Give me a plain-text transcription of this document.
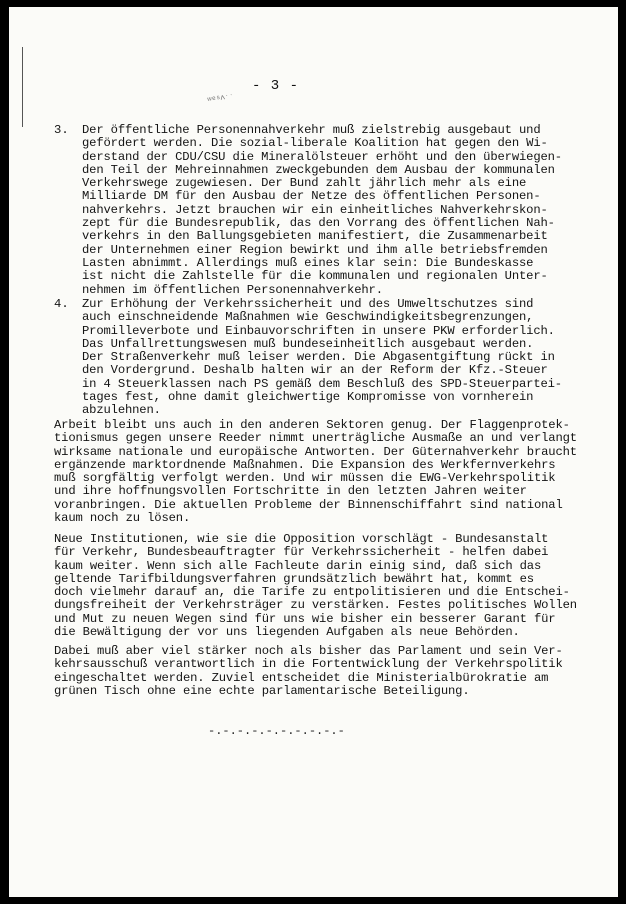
ʷᵉˢ˄ˑˑ
- 3 -
3. Der öffentliche Personennahverkehr muß zielstrebig ausgebaut und
gefördert werden. Die sozial-liberale Koalition hat gegen den Wi-
derstand der CDU/CSU die Mineralölsteuer erhöht und den überwiegen-
den Teil der Mehreinnahmen zweckgebunden dem Ausbau der kommunalen
Verkehrswege zugewiesen. Der Bund zahlt jährlich mehr als eine
Milliarde DM für den Ausbau der Netze des öffentlichen Personen-
nahverkehrs. Jetzt brauchen wir ein einheitliches Nahverkehrskon-
zept für die Bundesrepublik, das den Vorrang des öffentlichen Nah-
verkehrs in den Ballungsgebieten manifestiert, die Zusammenarbeit
der Unternehmen einer Region bewirkt und ihm alle betriebsfremden
Lasten abnimmt. Allerdings muß eines klar sein: Die Bundeskasse
ist nicht die Zahlstelle für die kommunalen und regionalen Unter-
nehmen im öffentlichen Personennahverkehr.
4. Zur Erhöhung der Verkehrssicherheit und des Umweltschutzes sind
auch einschneidende Maßnahmen wie Geschwindigkeitsbegrenzungen,
Promilleverbote und Einbauvorschriften in unsere PKW erforderlich.
Das Unfallrettungswesen muß bundeseinheitlich ausgebaut werden.
Der Straßenverkehr muß leiser werden. Die Abgasentgiftung rückt in
den Vordergrund. Deshalb halten wir an der Reform der Kfz.-Steuer
in 4 Steuerklassen nach PS gemäß dem Beschluß des SPD-Steuerpartei-
tages fest, ohne damit gleichwertige Kompromisse von vornherein
abzulehnen.
Arbeit bleibt uns auch in den anderen Sektoren genug. Der Flaggenprotek-
tionismus gegen unsere Reeder nimmt unerträgliche Ausmaße an und verlangt
wirksame nationale und europäische Antworten. Der Güternahverkehr braucht
ergänzende marktordnende Maßnahmen. Die Expansion des Werkfernverkehrs
muß sorgfältig verfolgt werden. Und wir müssen die EWG-Verkehrspolitik
und ihre hoffnungsvollen Fortschritte in den letzten Jahren weiter
voranbringen. Die aktuellen Probleme der Binnenschiffahrt sind national
kaum noch zu lösen.
Neue Institutionen, wie sie die Opposition vorschlägt - Bundesanstalt
für Verkehr, Bundesbeauftragter für Verkehrssicherheit - helfen dabei
kaum weiter. Wenn sich alle Fachleute darin einig sind, daß sich das
geltende Tarifbildungsverfahren grundsätzlich bewährt hat, kommt es
doch vielmehr darauf an, die Tarife zu entpolitisieren und die Entschei-
dungsfreiheit der Verkehrsträger zu verstärken. Festes politisches Wollen
und Mut zu neuen Wegen sind für uns wie bisher ein besserer Garant für
die Bewältigung der vor uns liegenden Aufgaben als neue Behörden.
Dabei muß aber viel stärker noch als bisher das Parlament und sein Ver-
kehrsausschuß verantwortlich in die Fortentwicklung der Verkehrspolitik
eingeschaltet werden. Zuviel entscheidet die Ministerialbürokratie am
grünen Tisch ohne eine echte parlamentarische Beteiligung.
-.-.-.-.-.-.-.-.-.-
